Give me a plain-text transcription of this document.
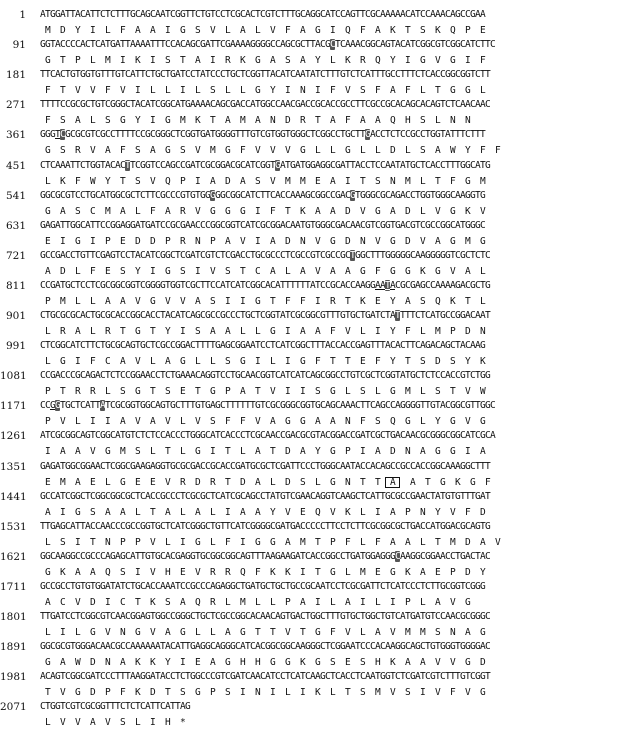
1 ATGGATTACATTCTCTTTGCAGCAATCGGTTCTGTCCTCGCACTCGTCTTTGCAGGCATCCAGTTCGCAAAAACATCCAAACAGCCGAA
M D Y I L F A A I G S V L A L V F A G I Q F A K T S K Q P E
91 GGTACCCCACTCATGATTAAAATTTCCACAGCGATTCGAAAAGGGGCCAGCGCTTACGCTCAAACGGCAGTACATCGGCGTCGGCATCTTC
G T P L M I K I S T A I R K G A S A Y L K R Q Y I G V G I F
181 TTCACTGTGGTGTTTGTCATTCTGCTGATCCTATCCCTGCTCGGTTACATCAATATCTTTGTCTCATTTGCCTTTCTCACCGGCGGTCTT
F T V V F V I L L I L S L L G Y I N I F V S F A F L T G G L
271 TTTTCCGCGCTGTCGGGCTACATCGGCATGAAAACAGCGACCATGGCCAACGACCGCACCGCCTTCGCCGCACAGCACAGTCTCAACAAC
F S A L S G Y I G M K T A M A N D R T A F A A Q H S L N N
361 GGGTCGCGCGTCGCCTTTTCCGCGGGCTCGGTGATGGGGTTTGTCGTGGTGGGCTCGGCCTGCTTGACCTCTCCGCCTGGTATTTCTTT
G S R V A F S A G S V M G F V V V G L L G L L D L S A W Y F F
451 CTCAAATTCTGGTACACTTCGGTCCAGCCGATCGCGGACGCATCGGTGATGATGGAGGCGATTACCTCCAATATGCTCACCTTTGGCATG
L K F W Y T S V Q P I A D A S V M M E A I T S N M L T F G M
541 GGCGCGTCCTGCATGGCGCTCTTCGCCCGTGTGGGGGCGGCATCTTCACCAAAGCGGCCGACGTGGGCGCAGACCTGGTGGGCAAGGTG
G A S C M A L F A R V G G G I F T K A A D V G A D L V G K V
631 GAGATTGGCATTCCGGAGGATGATCCGCGAACCCGGCGGTCATCGCGGACAATGTGGGCGACAACGTCGGTGACGTCGCCGGCATGGGC
E I G I P E D D P R N P A V I A D N V G D N V G D V A G M G
721 GCCGACCTGTTCGAGTCCTACATCGGCTCGATCGTCTCGACCTGCGCCCTCGCCGTCGCCGCTGGCTTTGGGGGCAAGGGGGTCGCTCTC
A D L F E S Y I G S I V S T C A L A V A A G F G G K G V A L
811 CCGATGCTCCTCGCGGCGGTCGGGGTGGTCGCTTCCATCATCGGCACATTTTTTATCCGCACCAAGGAATACGCGAGCCAAAAGACGCTG
P M L L A A V G V V A S I I G T F F I R T K E Y A S Q K T L
901 CTGCGCGCACTGCGCACCGGCACCTACATCAGCGCCGCCCTGCTCGGTATCGCGGCGTTTGTGCTGATCTATTTTCTCATGCCGGACAAT
L R A L R T G T Y I S A A L L G I A A F V L I Y F L M P D N
991 CTCGGCATCTTCTGCGCAGTGCTCGCCGGACTTTTGAGCGGAATCCTCATCGGCTTTACCACCGAGTTTACACTTCAGACAGCTACAAG
L G I F C A V L A G L L S G I L I G F T T E F Y T S D S Y K
1081 CCGACCCGCAGACTCTCCGGAACCTCTGAAACAGGTCCTGCAACGGTCATCATCAGCGGCCTGTCGCTCGGTATGCTCTCCACCGTCTGG
P T R R L S G T S E T G P A T V I I S G L S L G M L S T V W
1171 CCGGTGCTCATTATCGCGGTGGCAGTGCTTTGTGAGCTTTTTTGTCGCGGGCGGTGCAGCAAACTTCAGCCAGGGGTTGTACGGCGTTGGC
P V L I I A V A V L V S F F V A G G A A N F S Q G L Y G V G
1261 ATCGCGGCAGTCGGCATGTCTCTCCACCCTGGGCATCACCCTCGCAACCGACGCGTACGGACCGATCGCTGACAACGCGGGCGGCATCGCA
I A A V G M S L T L G I T L A T D A Y G P I A D N A G G I A
1351 GAGATGGCGGAACTCGGCGAAGAGGTGCGCGACCGCACCGATGCGCTCGATTCCCTGGGCAATACCACAGCCGCCACCGGCAAAGGCTTT
E M A E L G E E V R D R T D A L D S L G N T T  A   A T G K G F
1441 GCCATCGGCTCGGCGGCGCTCACCGCCCTCGCGCTCATCGCAGCCTATGTCGAACAGGTCAAGCTCATTGCGCCGAACTATGTGTTTGAT
A I G S A A L T A L A L I A A Y V E Q V K L I A P N Y V F D
1531 TTGAGCATTACCAACCCGCCGGTGCTCATCGGGCTGTTCATCGGGGCGATGACCCCCTTCCTCTTCGCGGCGCTGACCATGGACGCAGTG
L S I T N P P V L I G L F I G G A M T P F L F A A L T M D A V
1621 GGCAAGGCCGCCCAGAGCATTGTGCACGAGGTGCGGCGGCAGTTTAAGAAGATCACCGGCCTGATGGAGGGCAAGGCGGAACCTGACTAC
G K A A Q S I V H E V R R Q F K K I T G L M E G K A E P D Y
1711 GCCGCCTGTGTGGATATCTGCACCAAATCCGCCCAGAGGCTGATGCTGCTGCCGCAATCCTCGCGATTCTCATCCCTCTTGCGGTCGGG
A C V D I C T K S A Q R L M L L P A I L A I L I P L A V G
1801 TTGATCCTCGGCGTCAACGGAGTGGCCGGGCTGCTCGCCGGCACAACAGTGACTGGCTTTGTGCTGGCTGTCATGATGTCCAACGCGGGC
L I L G V N G V A G L L A G T T V T G F V L A V M M S N A G
1891 GGCGCGTGGGACAACGCCAAAAAATACATTGAGGCAGGGCATCACGGCGGCAAGGGCTCGGAATCCCACAAGGCAGCTGTGGGTGGGGAC
G A W D N A K K Y I E A G H H G G K G S E S H K A A V V G D
1981 ACAGTCGGCGATCCCTTTAAGGATACCTCTGGCCCGTCGATCAACATCCTCATCAAGCTCACCTCAATGGTCTCGATCGTCTTTGTCGGT
T V G D P F K D T S G P S I N I L I K L T S M V S I V F V G
2071 CTGGTCGTCGCGGTTTCTCTCATTCATTAG
L V V A V S L I H *
